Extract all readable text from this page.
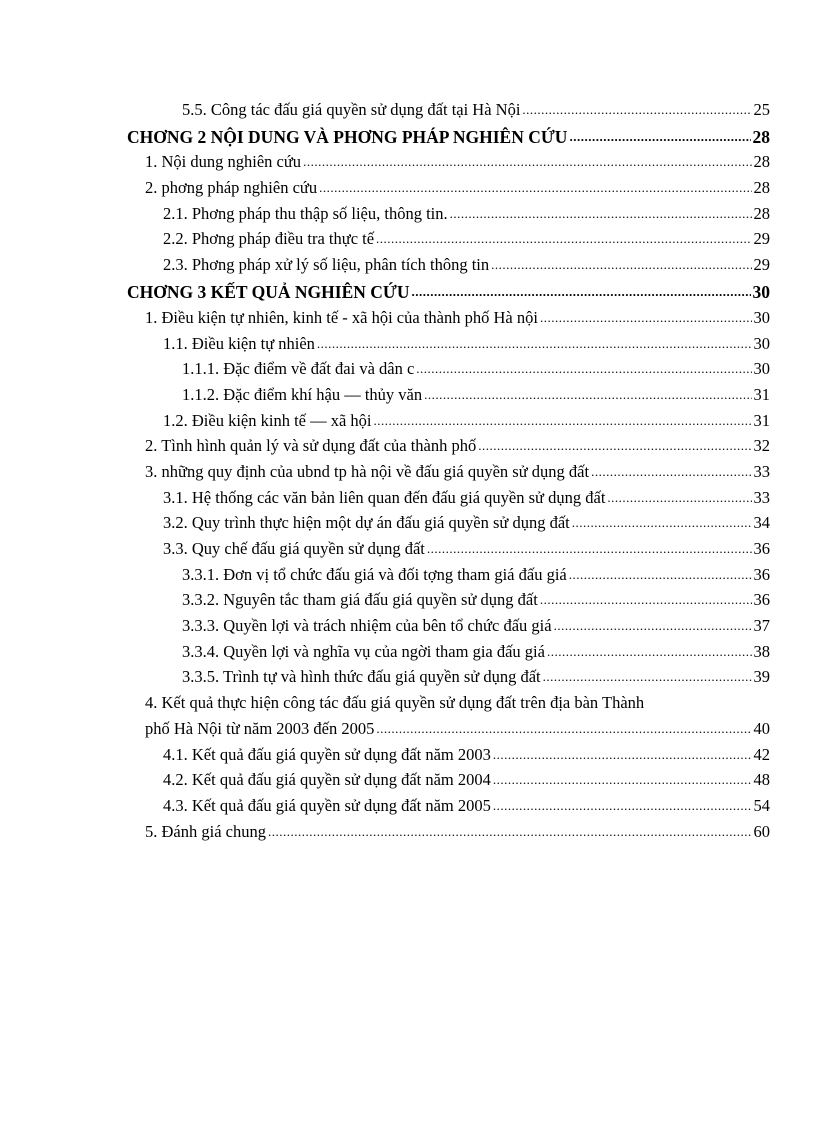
5.5. Công tác đấu giá quyền sử dụng đất tại Hà Nội .....	25
CHƠNG 2 NỘI DUNG VÀ PHƠNG PHÁP NGHIÊN CỨU .....	28
1. Nội dung nghiên cứu .....	28
2. phơng pháp nghiên cứu .....	28
2.1. Phơng pháp thu thập số liệu, thông tin. .....	28
2.2. Phơng pháp điều tra thực tế .....	29
2.3. Phơng pháp xử lý số liệu, phân tích thông tin .....	29
CHƠNG 3 KẾT QUẢ NGHIÊN CỨU .....	30
1. Điều kiện tự nhiên, kinh tế - xã hội của thành phố Hà nội .....	30
1.1. Điều kiện tự nhiên .....	30
1.1.1. Đặc điểm về đất đai và dân c .....	30
1.1.2. Đặc điểm khí hậu — thủy văn .....	31
1.2. Điều kiện kinh tế — xã hội .....	31
2. Tình hình quản lý và sử dụng đất của thành phố .....	32
3. những quy định của ubnd tp hà nội về đấu giá quyền sử dụng đất .....	33
3.1. Hệ thống các văn bản liên quan đến đấu giá quyền sử dụng đất .....	33
3.2. Quy trình thực hiện một dự án đấu giá quyền sử dụng đất .....	34
3.3. Quy chế đấu giá quyền sử dụng đất .....	36
3.3.1. Đơn vị tổ chức đấu giá và đối tợng tham giá đấu giá .....	36
3.3.2. Nguyên tắc tham giá đấu giá quyền sử dụng đất .....	36
3.3.3. Quyền lợi và trách nhiệm của bên tổ chức đấu giá .....	37
3.3.4. Quyền lợi và nghĩa vụ của ngời tham gia đấu giá .....	38
3.3.5. Trình tự và hình thức đấu giá quyền sử dụng đất .....	39
4. Kết quả thực hiện công tác đấu giá quyền sử dụng đất trên địa bàn Thành
phố Hà Nội từ năm 2003 đến 2005 .....	40
4.1. Kết quả đấu giá quyền sử dụng đất năm 2003 .....	42
4.2. Kết quả đấu giá quyền sử dụng đất năm 2004 .....	48
4.3. Kết quả đấu giá quyền sử dụng đất năm 2005 .....	54
5. Đánh giá chung .....	60
